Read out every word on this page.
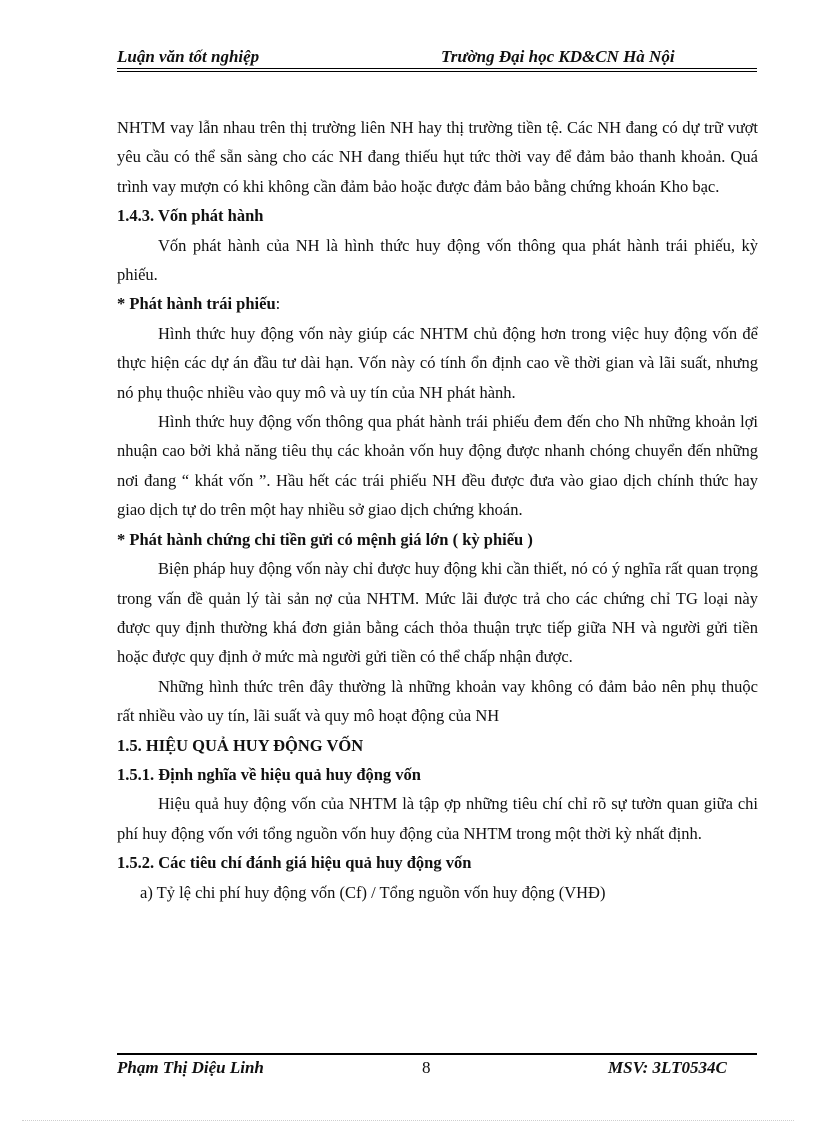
Luận văn tốt nghiệp	Trường Đại học KD&CN Hà Nội

NHTM vay lẫn nhau trên thị trường liên NH hay thị trường tiền tệ. Các NH đang có dự trữ vượt yêu cầu có thể sẵn sàng cho các NH đang thiếu hụt tức thời vay để đảm bảo thanh khoản. Quá trình vay mượn có khi không cần đảm bảo hoặc được đảm bảo bằng chứng khoán Kho bạc.

1.4.3. Vốn phát hành

Vốn phát hành của NH là hình thức huy động vốn thông qua phát hành trái phiếu, kỳ phiếu.

* Phát hành trái phiếu:

Hình thức huy động vốn này giúp các NHTM chủ động hơn trong việc huy động vốn để thực hiện các dự án đầu tư dài hạn. Vốn này có tính ổn định cao về thời gian và lãi suất, nhưng nó phụ thuộc nhiều vào quy mô và uy tín của NH phát hành.

Hình thức huy động vốn thông qua phát hành trái phiếu đem đến cho Nh những khoản lợi nhuận cao bởi khả năng tiêu thụ các khoản vốn huy động được nhanh chóng chuyển đến những nơi đang “ khát vốn ”. Hầu hết các trái phiếu NH đều được đưa vào giao dịch chính thức hay giao dịch tự do trên một hay nhiều sở giao dịch chứng khoán.

* Phát hành chứng chỉ tiền gửi có mệnh giá lớn ( kỳ phiếu )

Biện pháp huy động vốn này chỉ được huy động khi cần thiết, nó có ý nghĩa rất quan trọng trong vấn đề quản lý tài sản nợ của NHTM. Mức lãi được trả cho các chứng chỉ TG loại này được quy định thường khá đơn giản bằng cách thỏa thuận trực tiếp giữa NH và người gửi tiền hoặc được quy định ở mức mà người gửi tiền có thể chấp nhận được.

Những hình thức trên đây thường là những khoản vay không có đảm bảo nên phụ thuộc rất nhiều vào uy tín, lãi suất và quy mô hoạt động của NH

1.5. HIỆU QUẢ HUY ĐỘNG VỐN

1.5.1. Định nghĩa về hiệu quả huy động vốn

Hiệu quả huy động vốn của NHTM là tập ợp những tiêu chí chỉ rõ sự tườn quan giữa chi phí huy động vốn với tổng nguồn vốn huy động của NHTM trong một thời kỳ nhất định.

1.5.2. Các tiêu chí đánh giá hiệu quả huy động vốn

a) Tỷ lệ chi phí huy động vốn (Cf) / Tổng nguồn vốn huy động (VHĐ)

Phạm Thị Diệu Linh	8	MSV: 3LT0534C
